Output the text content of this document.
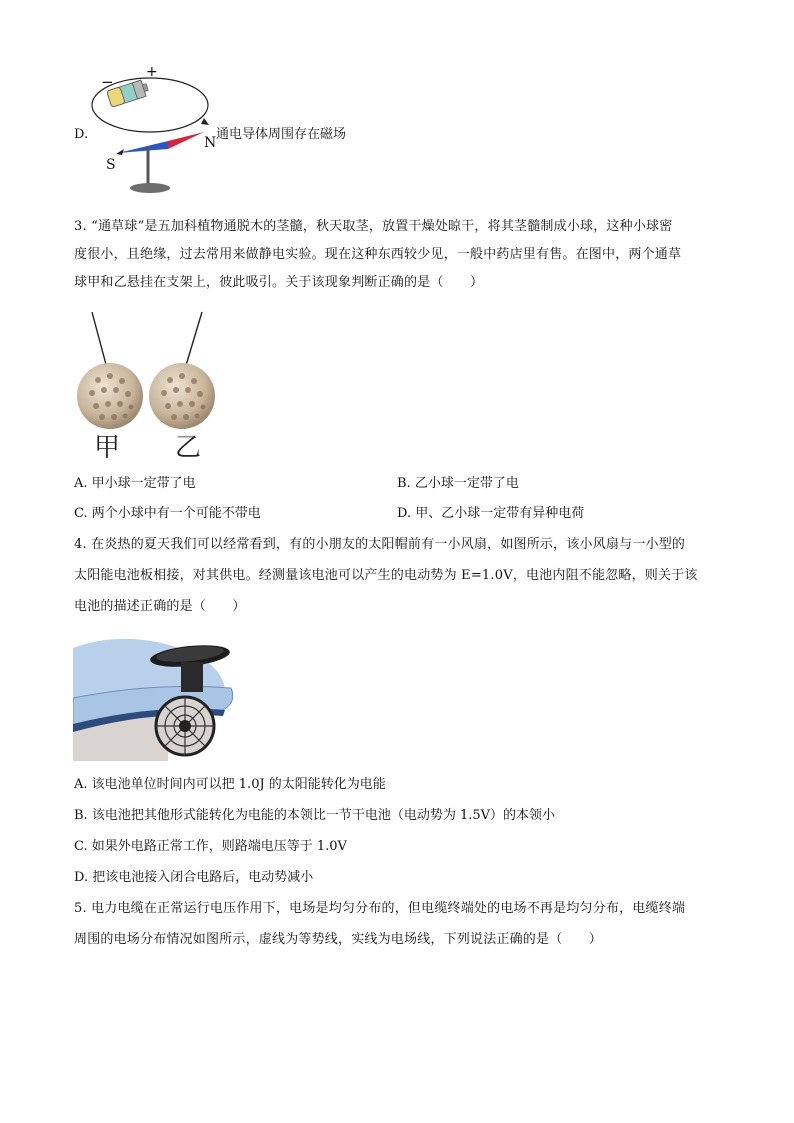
D.
−
+
S
N
通电导体周围存在磁场
3. “通草球”是五加科植物通脱木的茎髓，秋天取茎，放置干燥处晾干，将其茎髓制成小球，这种小球密
度很小，且绝缘，过去常用来做静电实验。现在这种东西较少见，一般中药店里有售。在图中，两个通草
球甲和乙悬挂在支架上，彼此吸引。关于该现象判断正确的是（　　）
甲 乙
A. 甲小球一定带了电	B. 乙小球一定带了电
C. 两个小球中有一个可能不带电	D. 甲、乙小球一定带有异种电荷
4. 在炎热的夏天我们可以经常看到，有的小朋友的太阳帽前有一小风扇，如图所示，该小风扇与一小型的
太阳能电池板相接，对其供电。经测量该电池可以产生的电动势为 E=1.0V，电池内阻不能忽略，则关于该
电池的描述正确的是（　　）
A. 该电池单位时间内可以把 1.0J 的太阳能转化为电能
B. 该电池把其他形式能转化为电能的本领比一节干电池（电动势为 1.5V）的本领小
C. 如果外电路正常工作，则路端电压等于 1.0V
D. 把该电池接入闭合电路后，电动势减小
5. 电力电缆在正常运行电压作用下，电场是均匀分布的，但电缆终端处的电场不再是均匀分布，电缆终端
周围的电场分布情况如图所示，虚线为等势线，实线为电场线，下列说法正确的是（　　）
